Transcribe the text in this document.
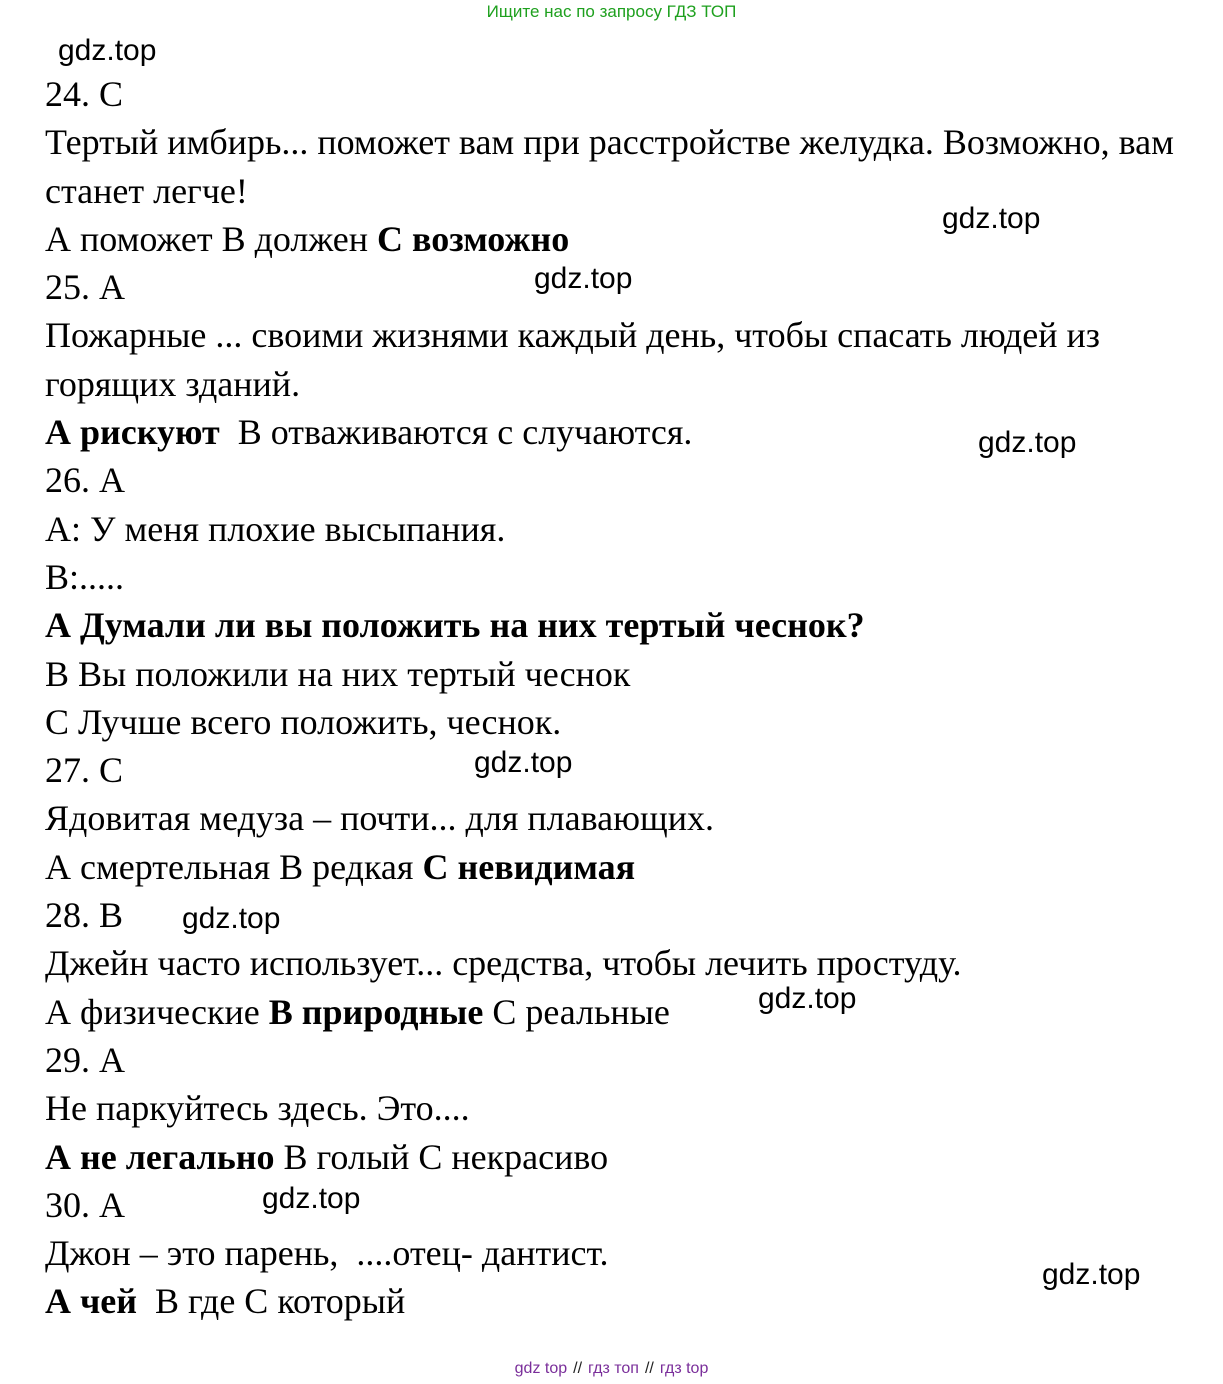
Ищите нас по запросу ГДЗ ТОП
gdz.top
gdz.top
gdz.top
gdz.top
gdz.top
gdz.top
gdz.top
gdz.top
gdz.top
24. С
Тертый имбирь... поможет вам при расстройстве желудка. Возможно, вам станет легче!
А поможет В должен С возможно
25. А
Пожарные ... своими жизнями каждый день, чтобы спасать людей из горящих зданий.
А рискуют  В отваживаются с случаются.
26. А
А: У меня плохие высыпания.
В:.....
А Думали ли вы положить на них тертый чеснок?
В Вы положили на них тертый чеснок
С Лучше всего положить, чеснок.
27. С
Ядовитая медуза – почти... для плавающих.
А смертельная В редкая С невидимая
28. В
Джейн часто использует... средства, чтобы лечить простуду.
А физические В природные С реальные
29. А
Не паркуйтесь здесь. Это....
А не легально В голый С некрасиво
30. А
Джон – это парень,  ....отец- дантист.
А чей  В где С который
gdz top // гдз топ // гдз top
